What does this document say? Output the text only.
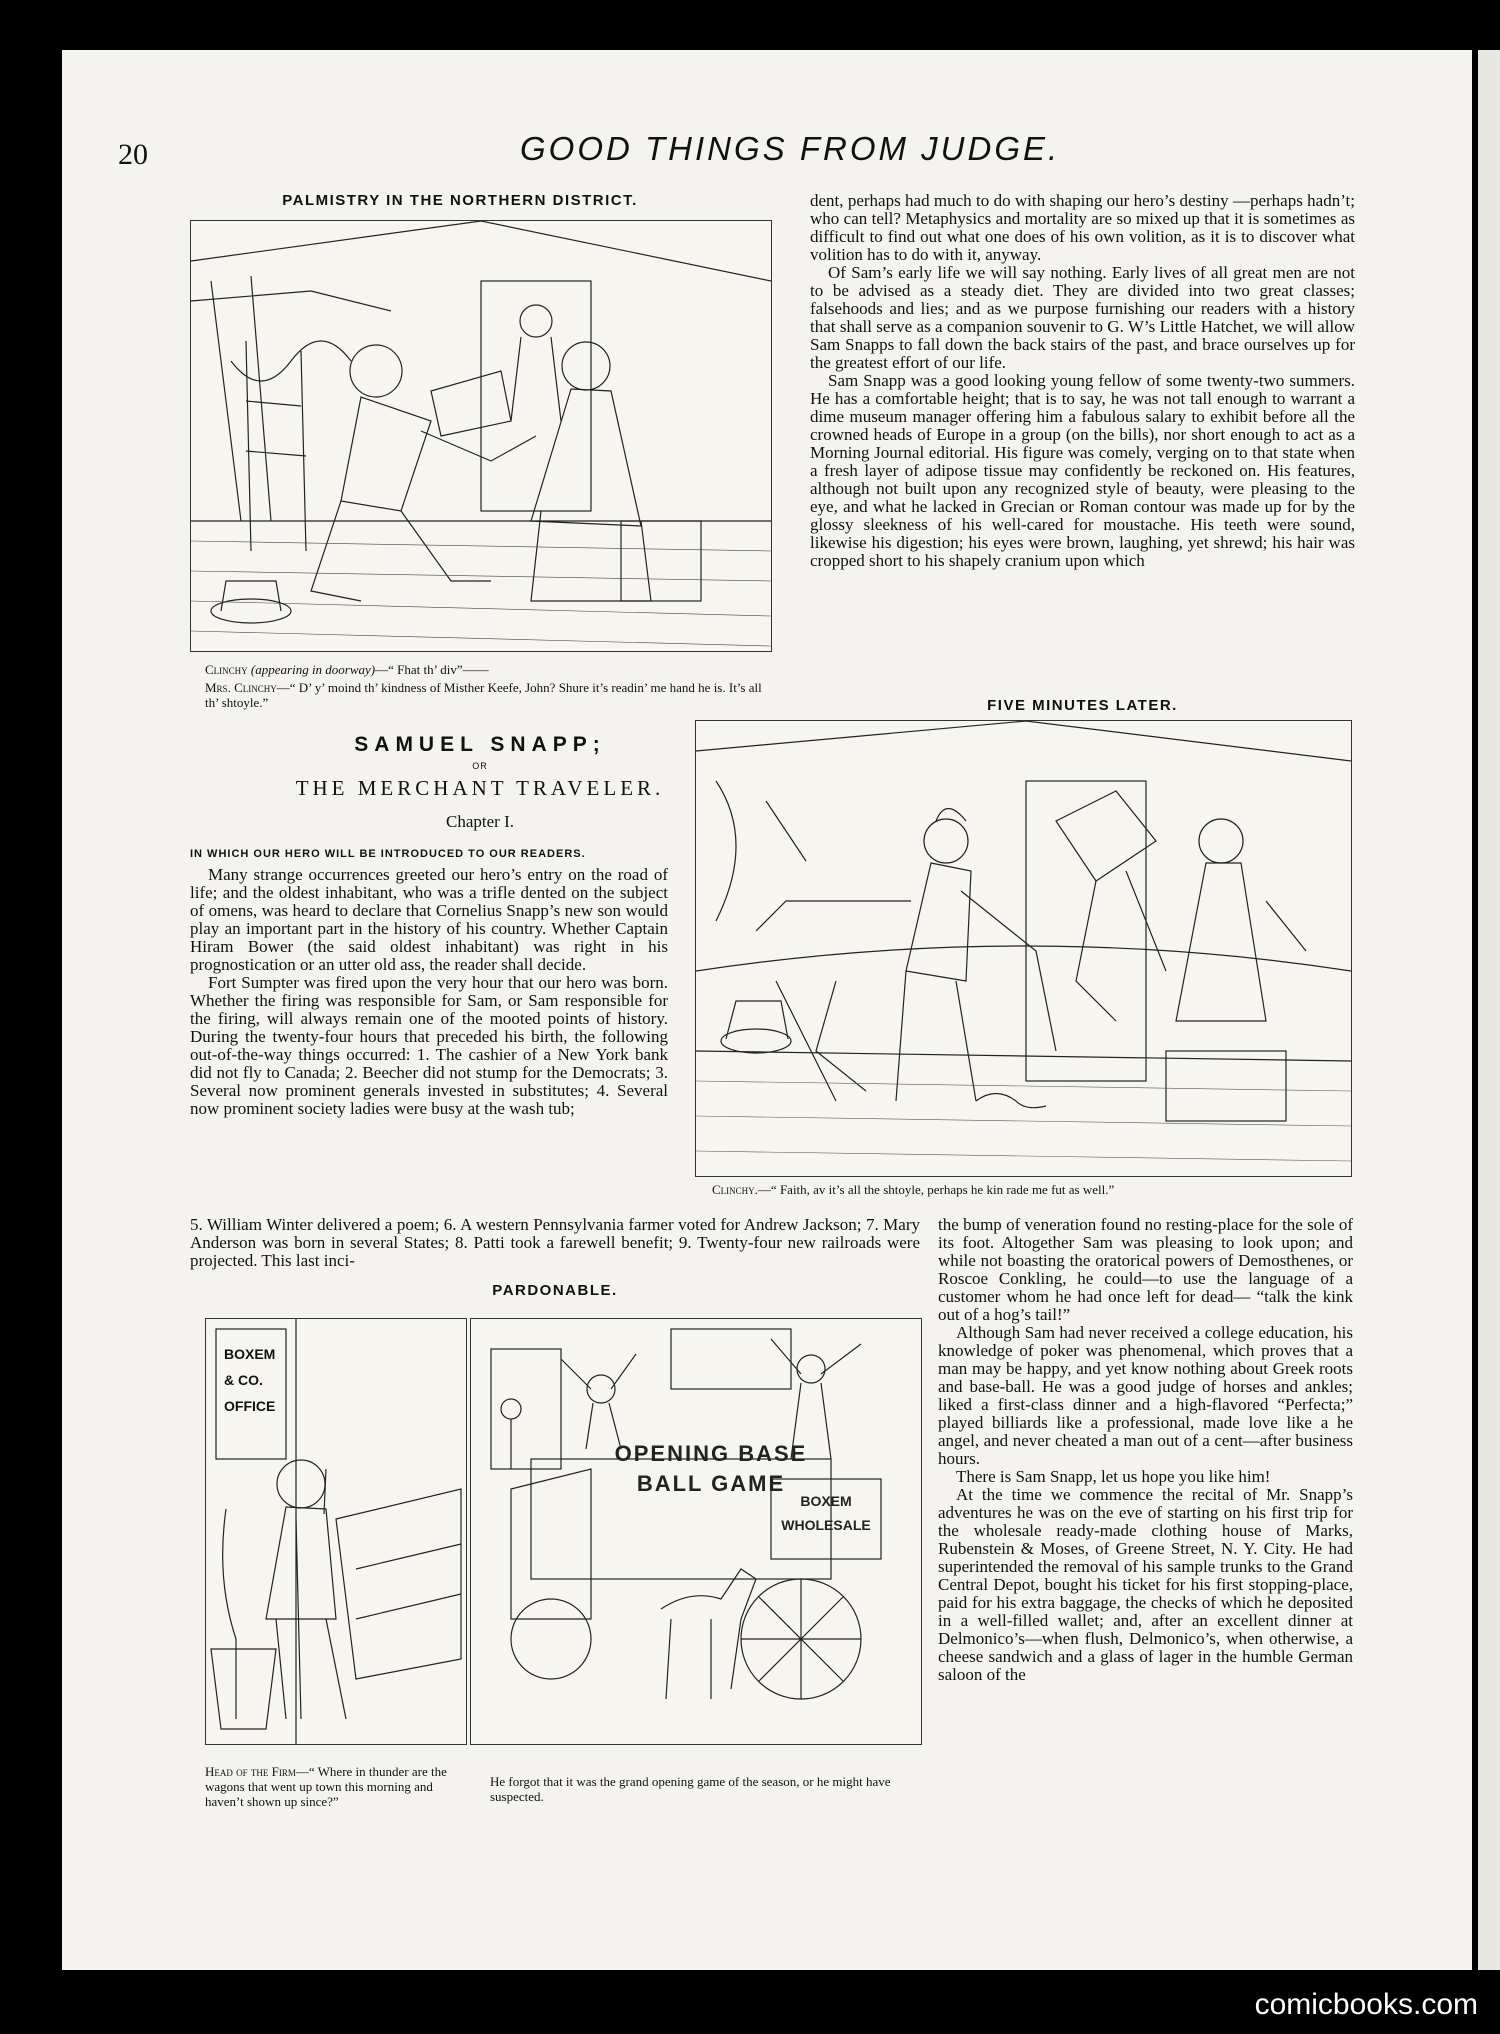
20	GOOD THINGS FROM JUDGE.
PALMISTRY IN THE NORTHERN DISTRICT.
Clinchy (appearing in doorway)—“ Fhat th’ div”——
Mrs. Clinchy—“ D’ y’ moind th’ kindness of Misther Keefe, John? Shure it’s readin’ me hand he is. It’s all th’ shtoyle.”
SAMUEL SNAPP;
OR
THE MERCHANT TRAVELER.
Chapter I.
IN WHICH OUR HERO WILL BE INTRODUCED TO OUR READERS.

Many strange occurrences greeted our hero’s entry on the road of life; and the oldest inhabitant, who was a trifle dented on the subject of omens, was heard to declare that Cornelius Snapp’s new son would play an important part in the history of his country. Whether Captain Hiram Bower (the said oldest inhabitant) was right in his prognostication or an utter old ass, the reader shall decide.

Fort Sumpter was fired upon the very hour that our hero was born. Whether the firing was responsible for Sam, or Sam responsible for the firing, will always remain one of the mooted points of history. During the twenty-four hours that preceded his birth, the following out-of-the-way things occurred: 1. The cashier of a New York bank did not fly to Canada; 2. Beecher did not stump for the Democrats; 3. Several now prominent generals invested in substitutes; 4. Several now prominent society ladies were busy at the wash tub;

5. William Winter delivered a poem; 6. A western Pennsylvania farmer voted for Andrew Jackson; 7. Mary Anderson was born in several States; 8. Patti took a farewell benefit; 9. Twenty-four new railroads were projected. This last inci-

dent, perhaps had much to do with shaping our hero’s destiny —perhaps hadn’t; who can tell? Metaphysics and mortality are so mixed up that it is sometimes as difficult to find out what one does of his own volition, as it is to discover what volition has to do with it, anyway.

Of Sam’s early life we will say nothing. Early lives of all great men are not to be advised as a steady diet. They are divided into two great classes; falsehoods and lies; and as we purpose furnishing our readers with a history that shall serve as a companion souvenir to G. W’s Little Hatchet, we will allow Sam Snapps to fall down the back stairs of the past, and brace ourselves up for the greatest effort of our life.

Sam Snapp was a good looking young fellow of some twenty-two summers. He has a comfortable height; that is to say, he was not tall enough to warrant a dime museum manager offering him a fabulous salary to exhibit before all the crowned heads of Europe in a group (on the bills), nor short enough to act as a Morning Journal editorial. His figure was comely, verging on to that state when a fresh layer of adipose tissue may confidently be reckoned on. His features, although not built upon any recognized style of beauty, were pleasing to the eye, and what he lacked in Grecian or Roman contour was made up for by the glossy sleekness of his well-cared for moustache. His teeth were sound, likewise his digestion; his eyes were brown, laughing, yet shrewd; his hair was cropped short to his shapely cranium upon which

FIVE MINUTES LATER.
Clinchy.—“ Faith, av it’s all the shtoyle, perhaps he kin rade me fut as well.”
PARDONABLE.
BOXEM & CO. OFFICE
OPENING BASE BALL GAME
BOXEM WHOLESALE
Head of the Firm—“ Where in thunder are the wagons that went up town this morning and haven’t shown up since?”
He forgot that it was the grand opening game of the season, or he might have suspected.

the bump of veneration found no resting-place for the sole of its foot. Altogether Sam was pleasing to look upon; and while not boasting the oratorical powers of Demosthenes, or Roscoe Conkling, he could—to use the language of a customer whom he had once left for dead— “talk the kink out of a hog’s tail!”

Although Sam had never received a college education, his knowledge of poker was phenomenal, which proves that a man may be happy, and yet know nothing about Greek roots and base-ball. He was a good judge of horses and ankles; liked a first-class dinner and a high-flavored “Perfecta;” played billiards like a professional, made love like a he angel, and never cheated a man out of a cent—after business hours.

There is Sam Snapp, let us hope you like him!

At the time we commence the recital of Mr. Snapp’s adventures he was on the eve of starting on his first trip for the wholesale ready-made clothing house of Marks, Rubenstein & Moses, of Greene Street, N. Y. City. He had superintended the removal of his sample trunks to the Grand Central Depot, bought his ticket for his first stopping-place, paid for his extra baggage, the checks of which he deposited in a well-filled wallet; and, after an excellent dinner at Delmonico’s—when flush, Delmonico’s, when otherwise, a cheese sandwich and a glass of lager in the humble German saloon of the

comicbooks.com
